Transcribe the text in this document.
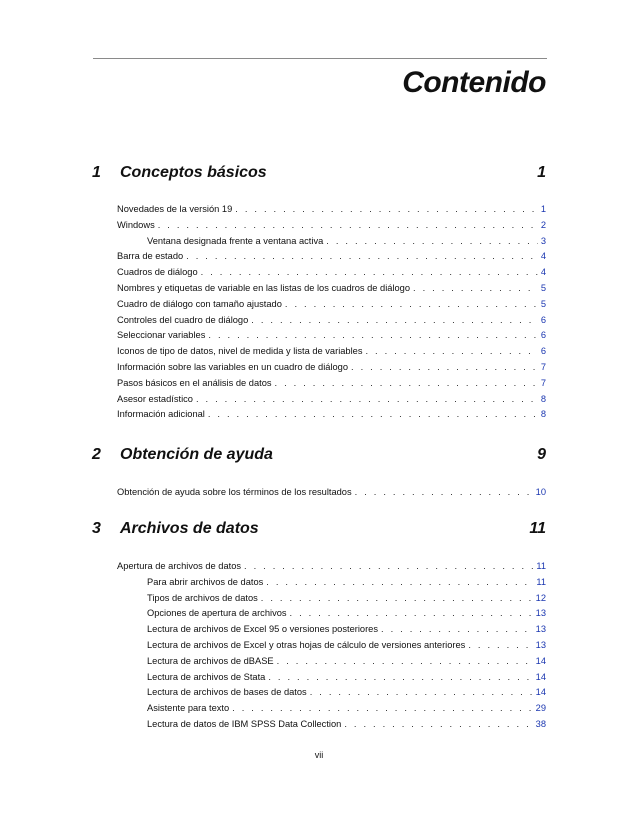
Contenido
1 Conceptos básicos	1
Novedades de la versión 19 . . .	1
Windows . . .	2
Ventana designada frente a ventana activa . . .	3
Barra de estado . . .	4
Cuadros de diálogo . . .	4
Nombres y etiquetas de variable en las listas de los cuadros de diálogo . . .	5
Cuadro de diálogo con tamaño ajustado . . .	5
Controles del cuadro de diálogo . . .	6
Seleccionar variables . . .	6
Iconos de tipo de datos, nivel de medida y lista de variables . . .	6
Información sobre las variables en un cuadro de diálogo . . .	7
Pasos básicos en el análisis de datos . . .	7
Asesor estadístico . . .	8
Información adicional . . .	8
2 Obtención de ayuda	9
Obtención de ayuda sobre los términos de los resultados . . .	10
3 Archivos de datos	11
Apertura de archivos de datos . . .	11
Para abrir archivos de datos . . .	11
Tipos de archivos de datos . . .	12
Opciones de apertura de archivos . . .	13
Lectura de archivos de Excel 95 o versiones posteriores . . .	13
Lectura de archivos de Excel y otras hojas de cálculo de versiones anteriores . . .	13
Lectura de archivos de dBASE . . .	14
Lectura de archivos de Stata . . .	14
Lectura de archivos de bases de datos . . .	14
Asistente para texto . . .	29
Lectura de datos de IBM SPSS Data Collection . . .	38
vii
